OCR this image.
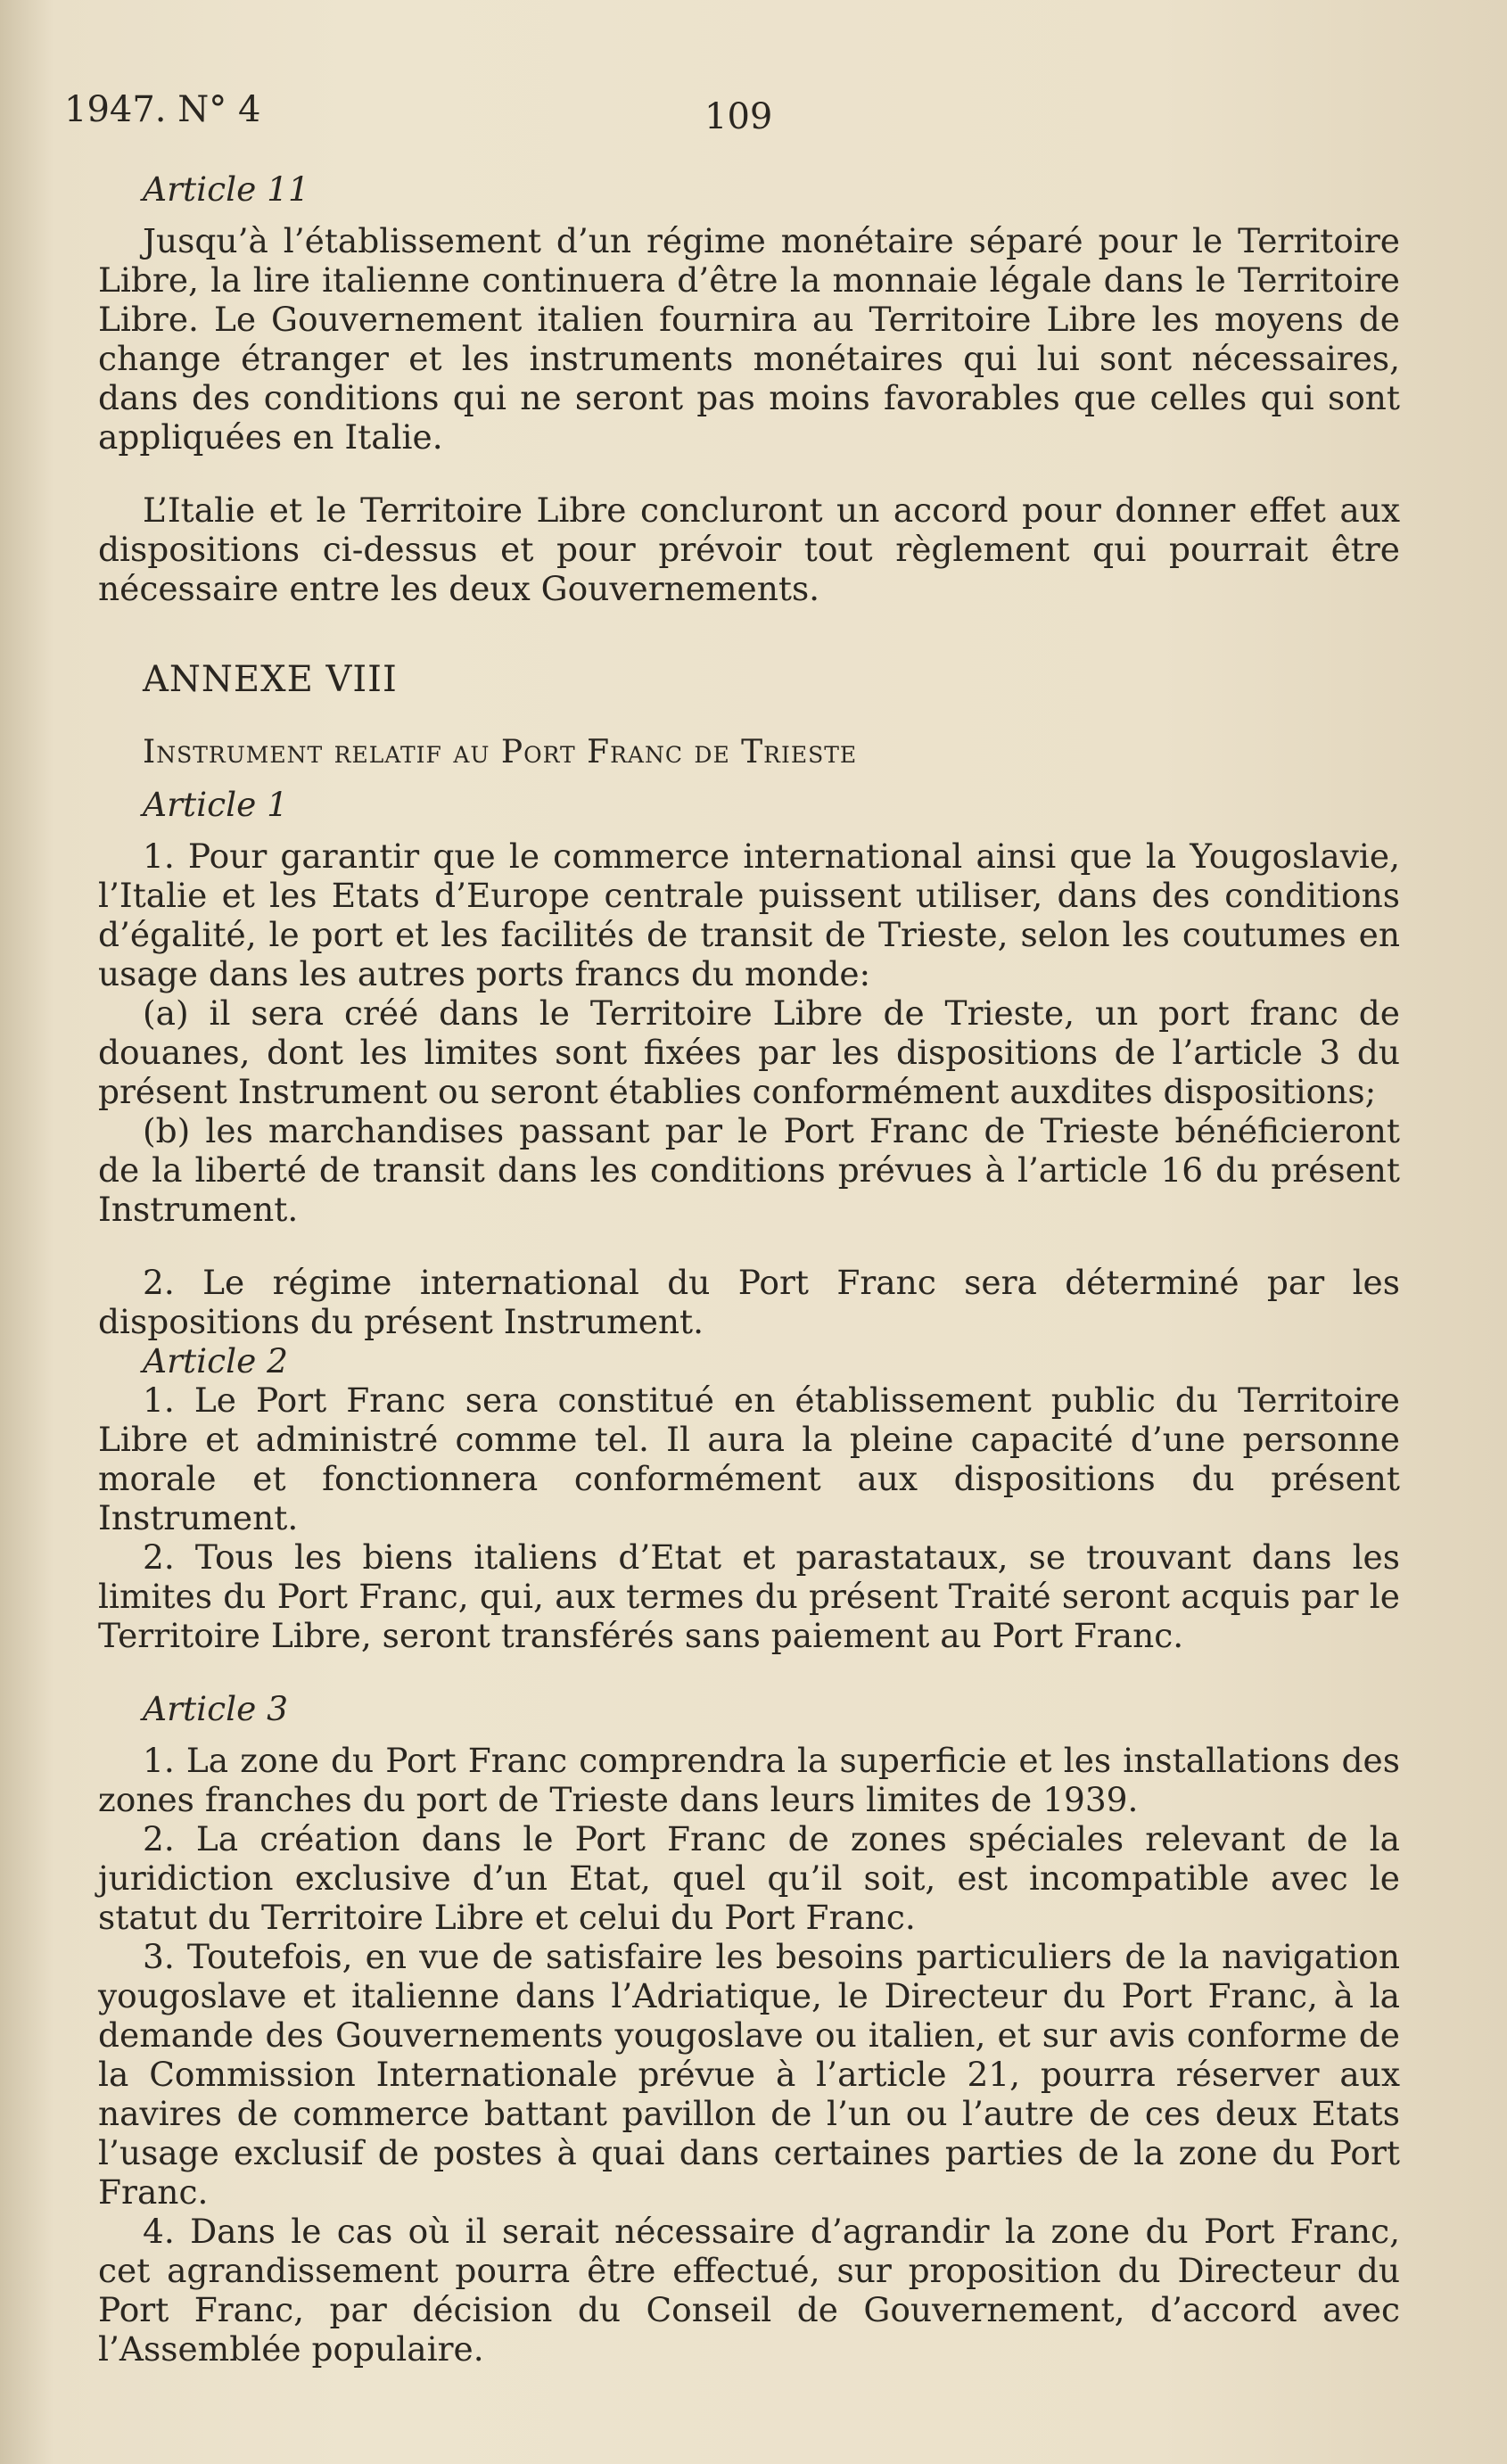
1947. N° 4	109

Article 11

Jusqu’à l’établissement d’un régime monétaire séparé pour le Territoire Libre, la lire italienne continuera d’être la monnaie légale dans le Territoire Libre. Le Gouvernement italien fournira au Territoire Libre les moyens de change étranger et les instruments monétaires qui lui sont nécessaires, dans des conditions qui ne seront pas moins favorables que celles qui sont appliquées en Italie.

L’Italie et le Territoire Libre concluront un accord pour donner effet aux dispositions ci-dessus et pour prévoir tout règlement qui pourrait être nécessaire entre les deux Gouvernements.

ANNEXE VIII

Instrument relatif au Port Franc de Trieste

Article 1

1. Pour garantir que le commerce international ainsi que la Yougoslavie, l’Italie et les Etats d’Europe centrale puissent utiliser, dans des conditions d’égalité, le port et les facilités de transit de Trieste, selon les coutumes en usage dans les autres ports francs du monde:

(a) il sera créé dans le Territoire Libre de Trieste, un port franc de douanes, dont les limites sont fixées par les dispositions de l’article 3 du présent Instrument ou seront établies conformément auxdites dispositions;

(b) les marchandises passant par le Port Franc de Trieste bénéficieront de la liberté de transit dans les conditions prévues à l’article 16 du présent Instrument.

2. Le régime international du Port Franc sera déterminé par les dispositions du présent Instrument.

Article 2

1. Le Port Franc sera constitué en établissement public du Territoire Libre et administré comme tel. Il aura la pleine capacité d’une personne morale et fonctionnera conformément aux dispositions du présent Instrument.

2. Tous les biens italiens d’Etat et parastataux, se trouvant dans les limites du Port Franc, qui, aux termes du présent Traité seront acquis par le Territoire Libre, seront transférés sans paiement au Port Franc.

Article 3

1. La zone du Port Franc comprendra la superficie et les installations des zones franches du port de Trieste dans leurs limites de 1939.

2. La création dans le Port Franc de zones spéciales relevant de la juridiction exclusive d’un Etat, quel qu’il soit, est incompatible avec le statut du Territoire Libre et celui du Port Franc.

3. Toutefois, en vue de satisfaire les besoins particuliers de la navigation yougoslave et italienne dans l’Adriatique, le Directeur du Port Franc, à la demande des Gouvernements yougoslave ou italien, et sur avis conforme de la Commission Internationale prévue à l’article 21, pourra réserver aux navires de commerce battant pavillon de l’un ou l’autre de ces deux Etats l’usage exclusif de postes à quai dans certaines parties de la zone du Port Franc.

4. Dans le cas où il serait nécessaire d’agrandir la zone du Port Franc, cet agrandissement pourra être effectué, sur proposition du Directeur du Port Franc, par décision du Conseil de Gouvernement, d’accord avec l’Assemblée populaire.
